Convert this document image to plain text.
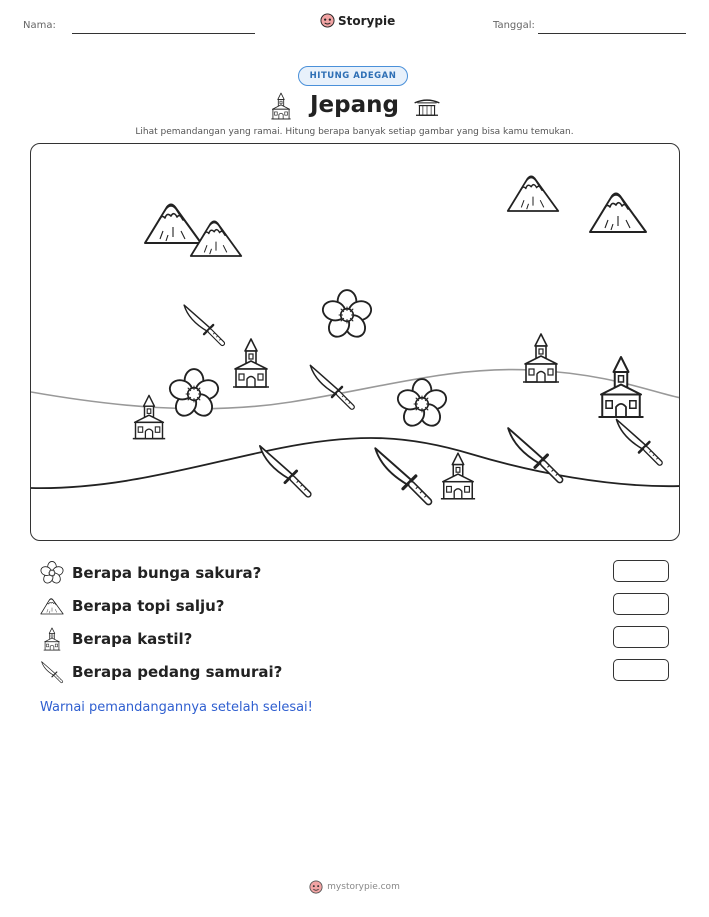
Nama:	Storypie	Tanggal:
HITUNG ADEGAN
Jepang
Lihat pemandangan yang ramai. Hitung berapa banyak setiap gambar yang bisa kamu temukan.
Berapa bunga sakura?
Berapa topi salju?
Berapa kastil?
Berapa pedang samurai?
Warnai pemandangannya setelah selesai!
mystorypie.com
